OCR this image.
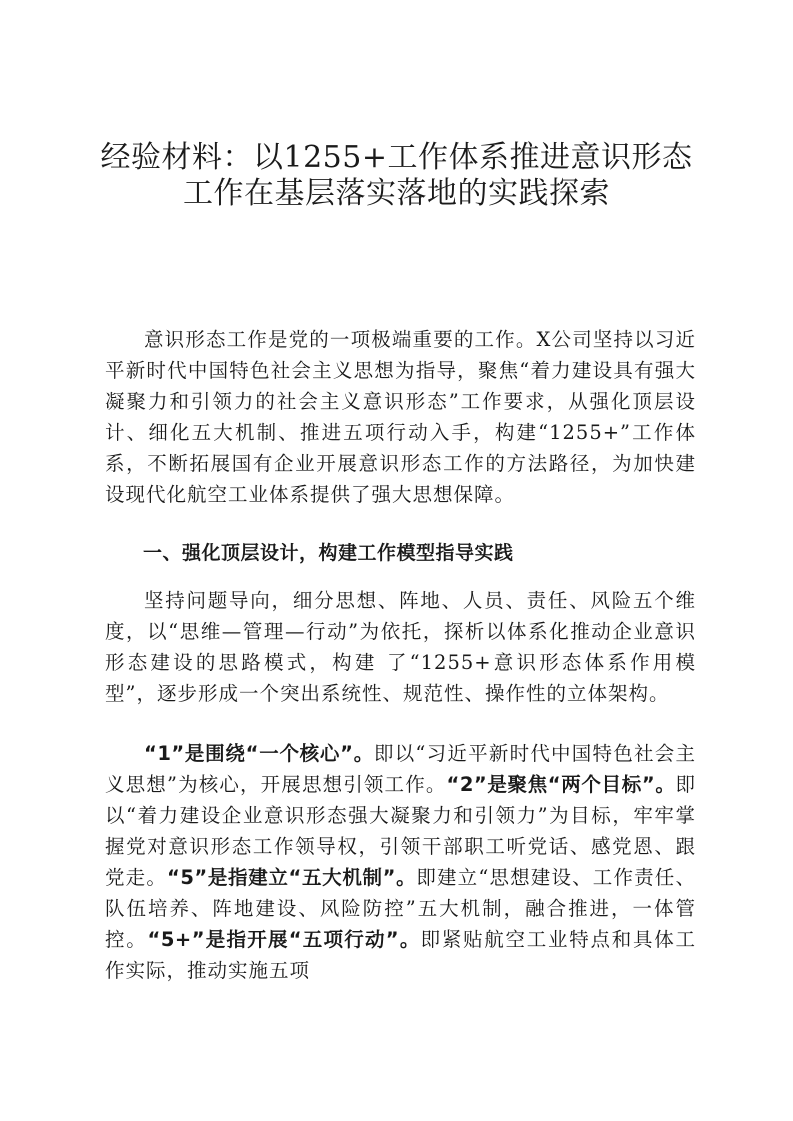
经验材料：以1255+工作体系推进意识形态工作在基层落实落地的实践探索

意识形态工作是党的一项极端重要的工作。X公司坚持以习近平新时代中国特色社会主义思想为指导，聚焦“着力建设具有强大凝聚力和引领力的社会主义意识形态”工作要求，从强化顶层设计、细化五大机制、推进五项行动入手，构建“1255+”工作体系，不断拓展国有企业开展意识形态工作的方法路径，为加快建设现代化航空工业体系提供了强大思想保障。

一、强化顶层设计，构建工作模型指导实践

坚持问题导向，细分思想、阵地、人员、责任、风险五个维度，以“思维—管理—行动”为依托，探析以体系化推动企业意识形态建设的思路模式，构建 了“1255+意识形态体系作用模型”，逐步形成一个突出系统性、规范性、操作性的立体架构。

“1”是围绕“一个核心”。即以“习近平新时代中国特色社会主义思想”为核心，开展思想引领工作。“2”是聚焦“两个目标”。即以“着力建设企业意识形态强大凝聚力和引领力”为目标，牢牢掌握党对意识形态工作领导权，引领干部职工听党话、感党恩、跟党走。“5”是指建立“五大机制”。即建立“思想建设、工作责任、队伍培养、阵地建设、风险防控”五大机制，融合推进，一体管控。“5+”是指开展“五项行动”。即紧贴航空工业特点和具体工作实际，推动实施五项
